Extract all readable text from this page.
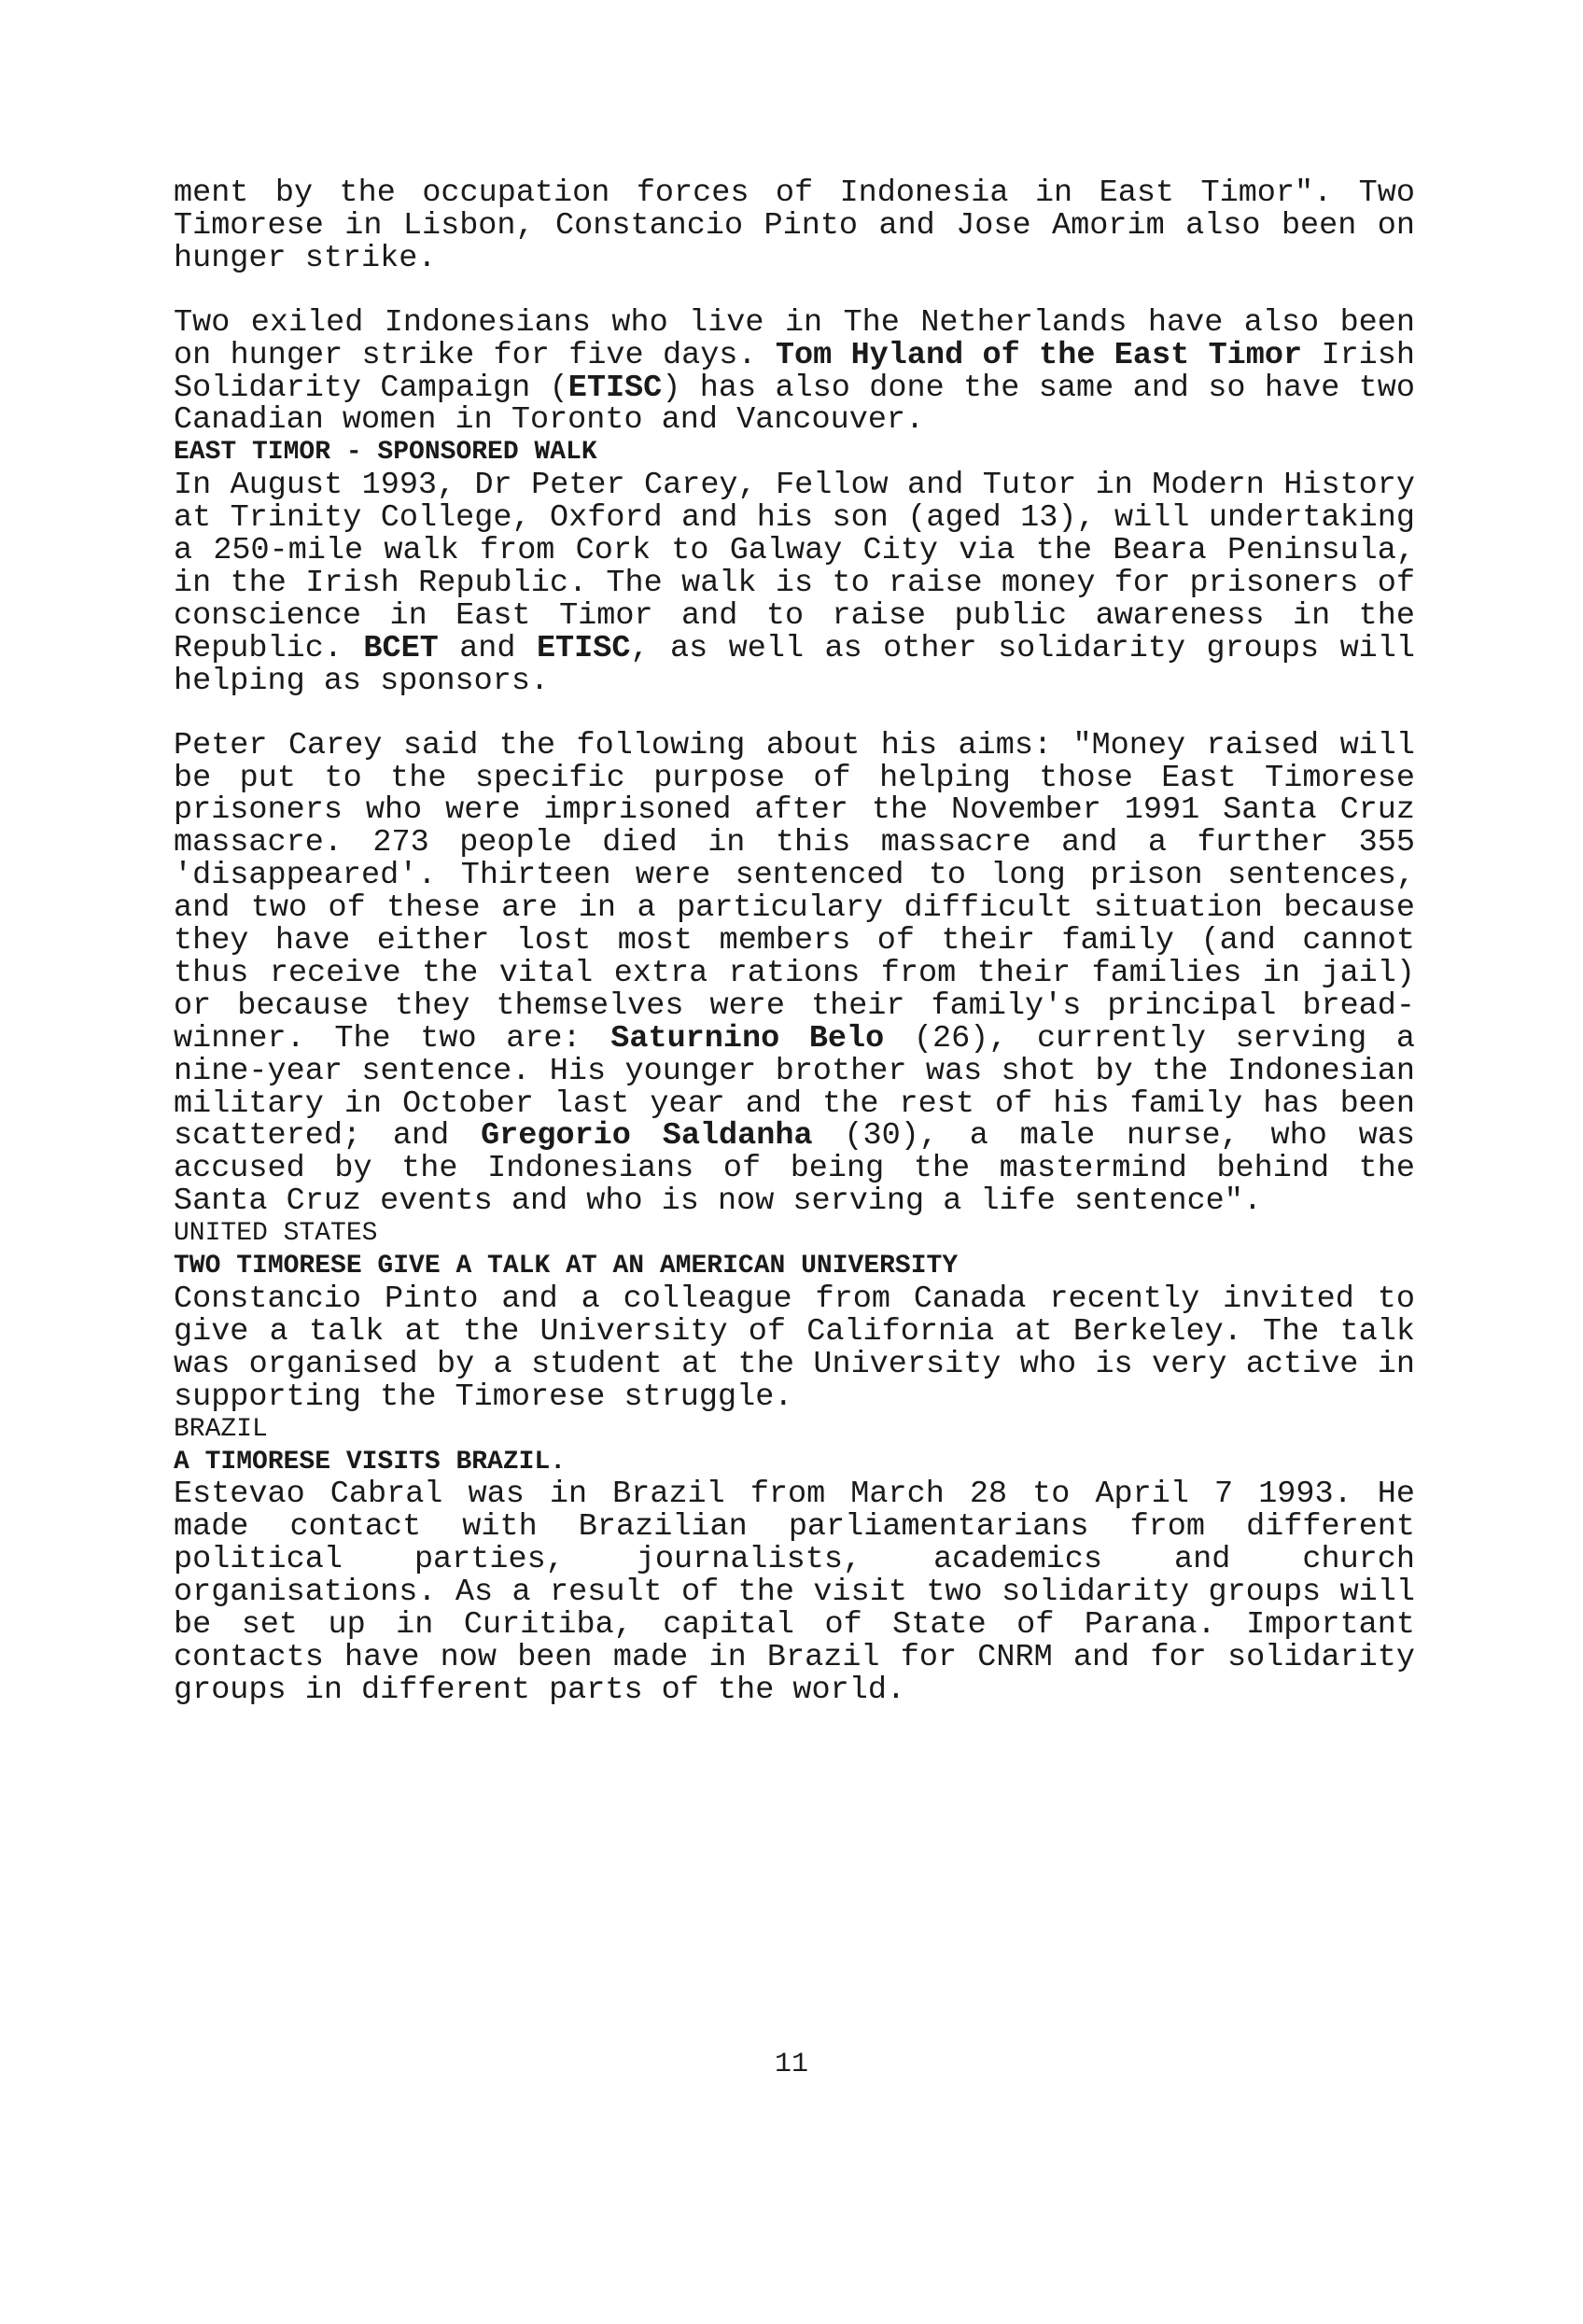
ment by the occupation forces of Indonesia in East Timor". Two Timorese in Lisbon, Constancio Pinto and Jose Amorim also been on hunger strike.

Two exiled Indonesians who live in The Netherlands have also been on hunger strike for five days. Tom Hyland of the East Timor Irish Solidarity Campaign (ETISC) has also done the same and so have two Canadian women in Toronto and Vancouver.

EAST TIMOR - SPONSORED WALK

In August 1993, Dr Peter Carey, Fellow and Tutor in Modern History at Trinity College, Oxford and his son (aged 13), will undertaking a 250-mile walk from Cork to Galway City via the Beara Peninsula, in the Irish Republic. The walk is to raise money for prisoners of conscience in East Timor and to raise public awareness in the Republic. BCET and ETISC, as well as other solidarity groups will helping as sponsors.

Peter Carey said the following about his aims: "Money raised will be put to the specific purpose of helping those East Timorese prisoners who were imprisoned after the November 1991 Santa Cruz massacre. 273 people died in this massacre and a further 355 'disappeared'. Thirteen were sentenced to long prison sentences, and two of these are in a particulary difficult situation because they have either lost most members of their family (and cannot thus receive the vital extra rations from their families in jail) or because they themselves were their family's principal bread-winner. The two are: Saturnino Belo (26), currently serving a nine-year sentence. His younger brother was shot by the Indonesian military in October last year and the rest of his family has been scattered; and Gregorio Saldanha (30), a male nurse, who was accused by the Indonesians of being the mastermind behind the Santa Cruz events and who is now serving a life sentence".

UNITED STATES
TWO TIMORESE GIVE A TALK AT AN AMERICAN UNIVERSITY

Constancio Pinto and a colleague from Canada recently invited to give a talk at the University of California at Berkeley. The talk was organised by a student at the University who is very active in supporting the Timorese struggle.

BRAZIL
A TIMORESE VISITS BRAZIL.

Estevao Cabral was in Brazil from March 28 to April 7 1993. He made contact with Brazilian parliamentarians from different political parties, journalists, academics and church organisations. As a result of the visit two solidarity groups will be set up in Curitiba, capital of State of Parana. Important contacts have now been made in Brazil for CNRM and for solidarity groups in different parts of the world.

11
